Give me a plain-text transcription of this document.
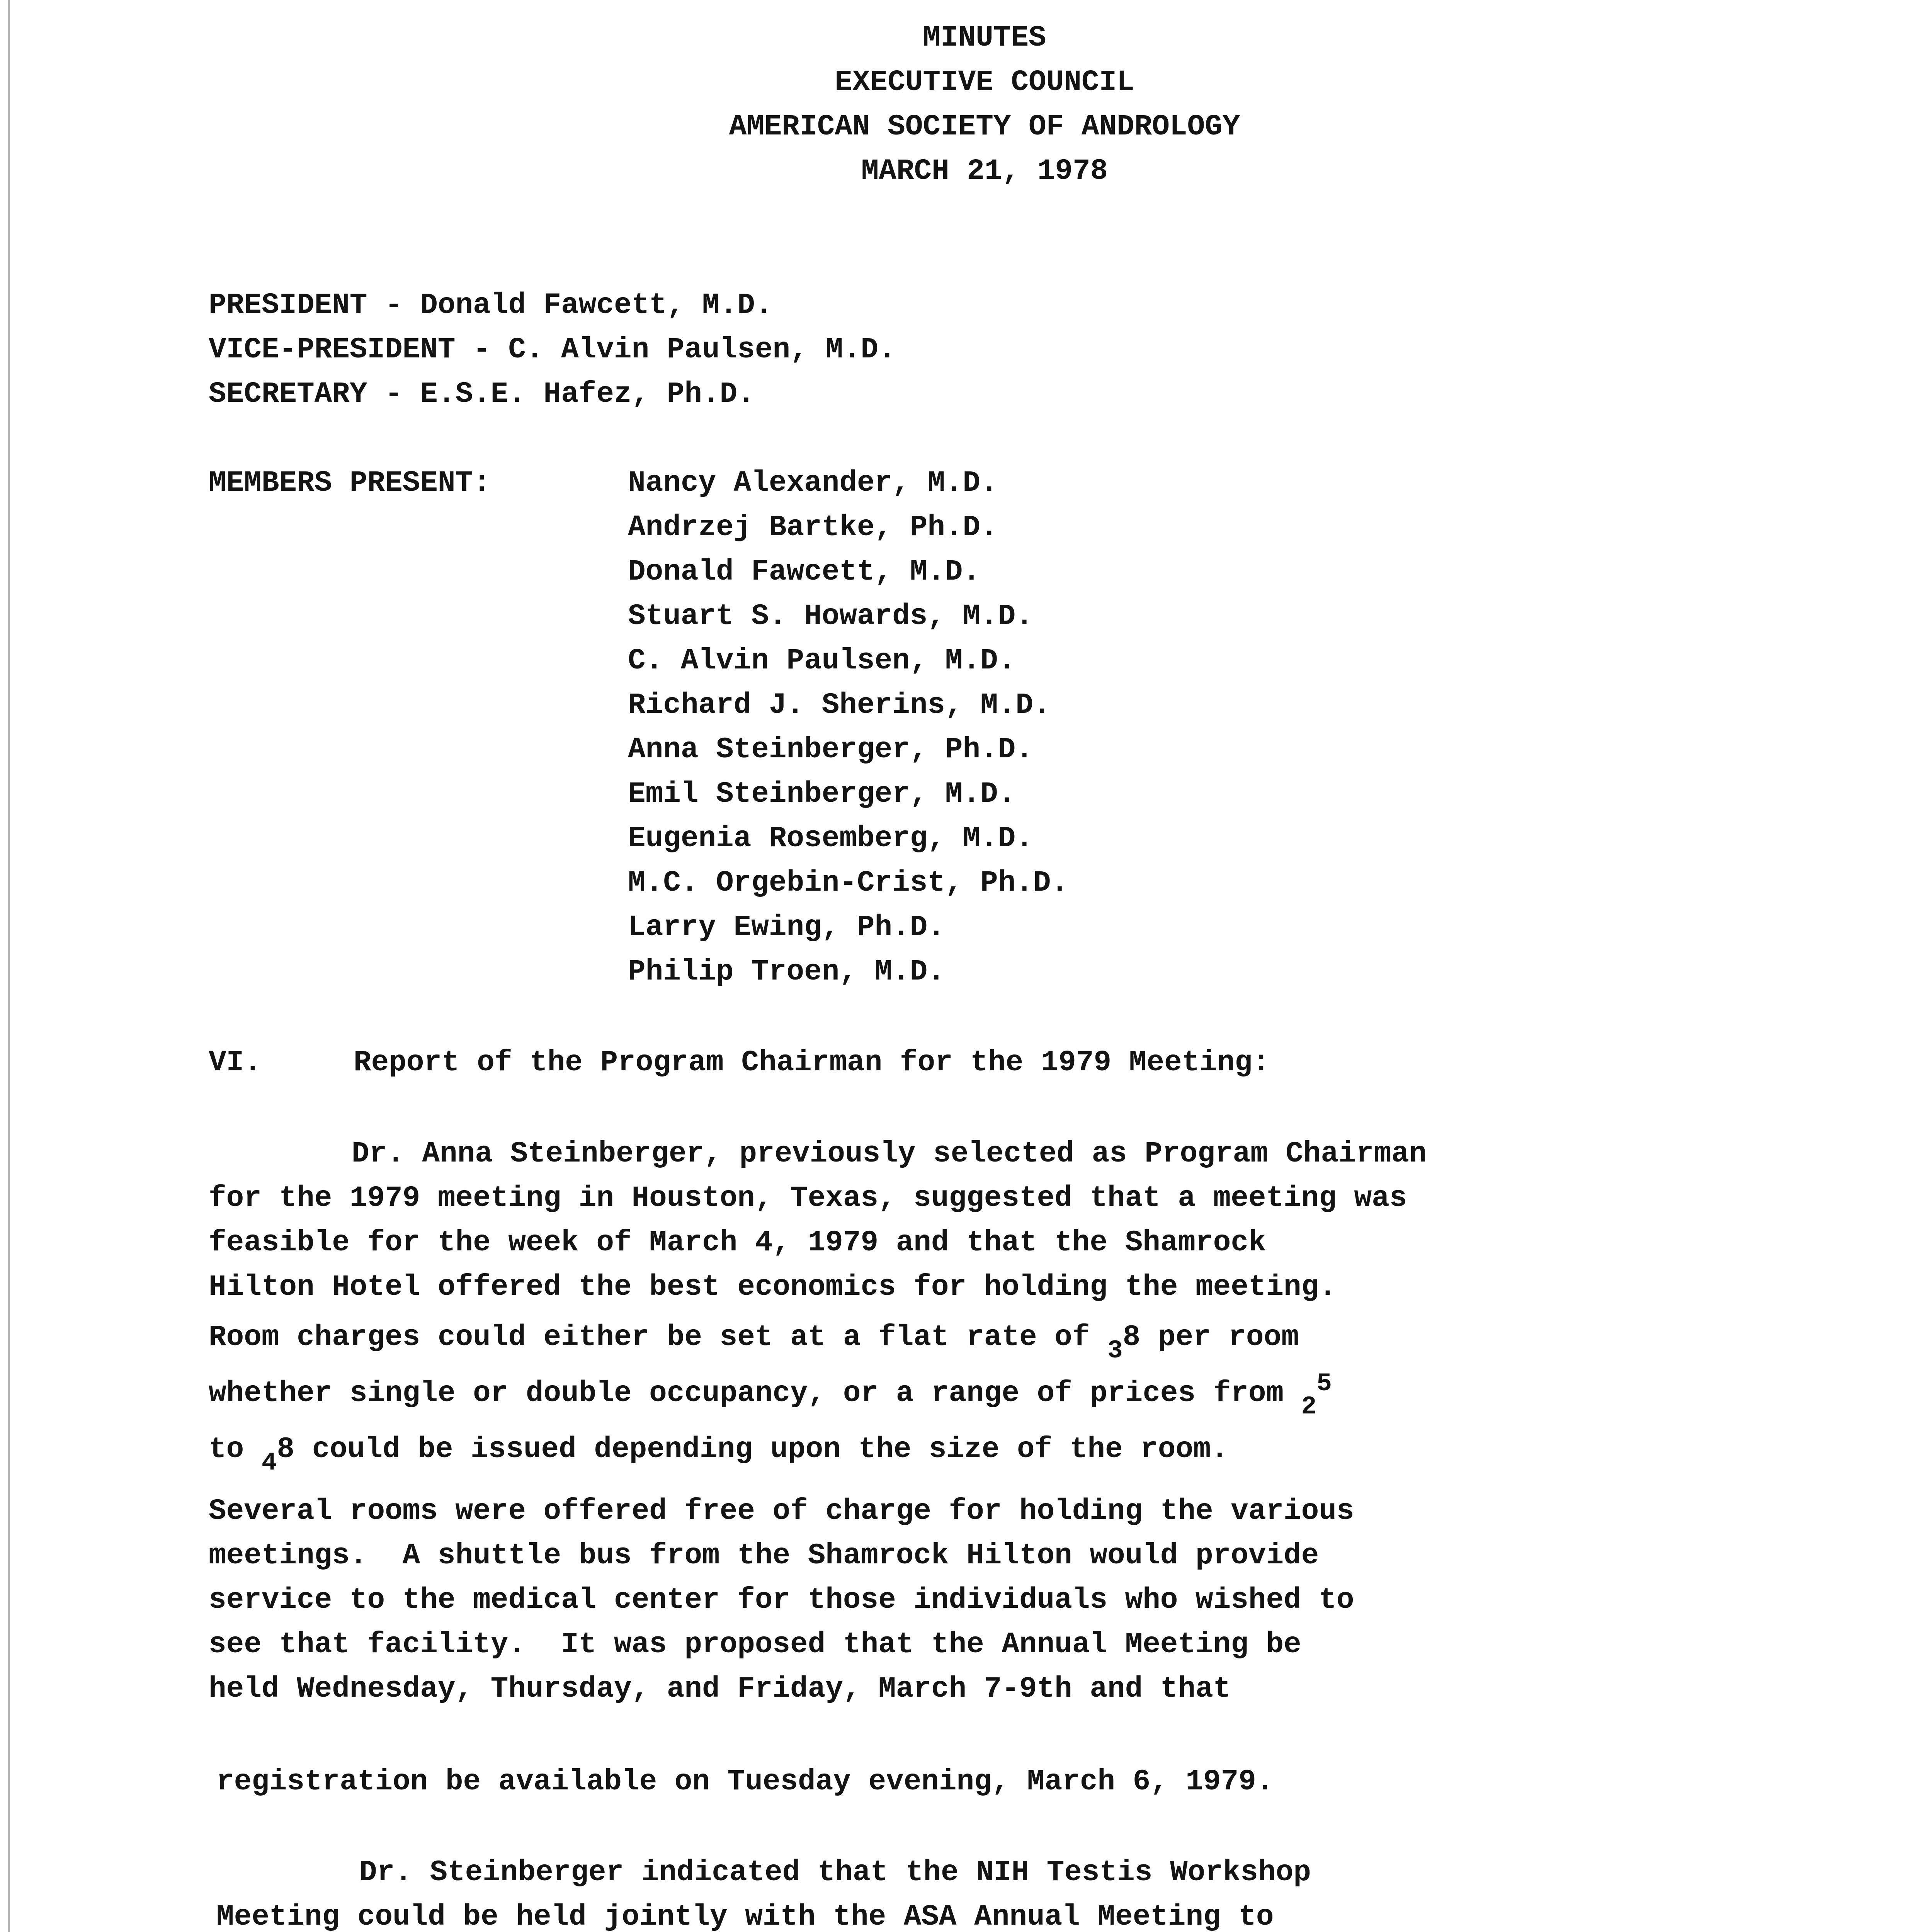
MINUTES
EXECUTIVE COUNCIL
AMERICAN SOCIETY OF ANDROLOGY
MARCH 21, 1978
PRESIDENT - Donald Fawcett, M.D.
VICE-PRESIDENT - C. Alvin Paulsen, M.D.
SECRETARY - E.S.E. Hafez, Ph.D.
MEMBERS PRESENT:	Nancy Alexander, M.D.
Andrzej Bartke, Ph.D.
Donald Fawcett, M.D.
Stuart S. Howards, M.D.
C. Alvin Paulsen, M.D.
Richard J. Sherins, M.D.
Anna Steinberger, Ph.D.
Emil Steinberger, M.D.
Eugenia Rosemberg, M.D.
M.C. Orgebin-Crist, Ph.D.
Larry Ewing, Ph.D.
Philip Troen, M.D.
VI.	Report of the Program Chairman for the 1979 Meeting:
Dr. Anna Steinberger, previously selected as Program Chairman
for the 1979 meeting in Houston, Texas, suggested that a meeting was
feasible for the week of March 4, 1979 and that the Shamrock
Hilton Hotel offered the best economics for holding the meeting.
Room charges could either be set at a flat rate of 38 per room
whether single or double occupancy, or a range of prices from 25
to 48 could be issued depending upon the size of the room.
Several rooms were offered free of charge for holding the various
meetings.  A shuttle bus from the Shamrock Hilton would provide
service to the medical center for those individuals who wished to
see that facility.  It was proposed that the Annual Meeting be
held Wednesday, Thursday, and Friday, March 7-9th and that
registration be available on Tuesday evening, March 6, 1979.
Dr. Steinberger indicated that the NIH Testis Workshop
Meeting could be held jointly with the ASA Annual Meeting to
